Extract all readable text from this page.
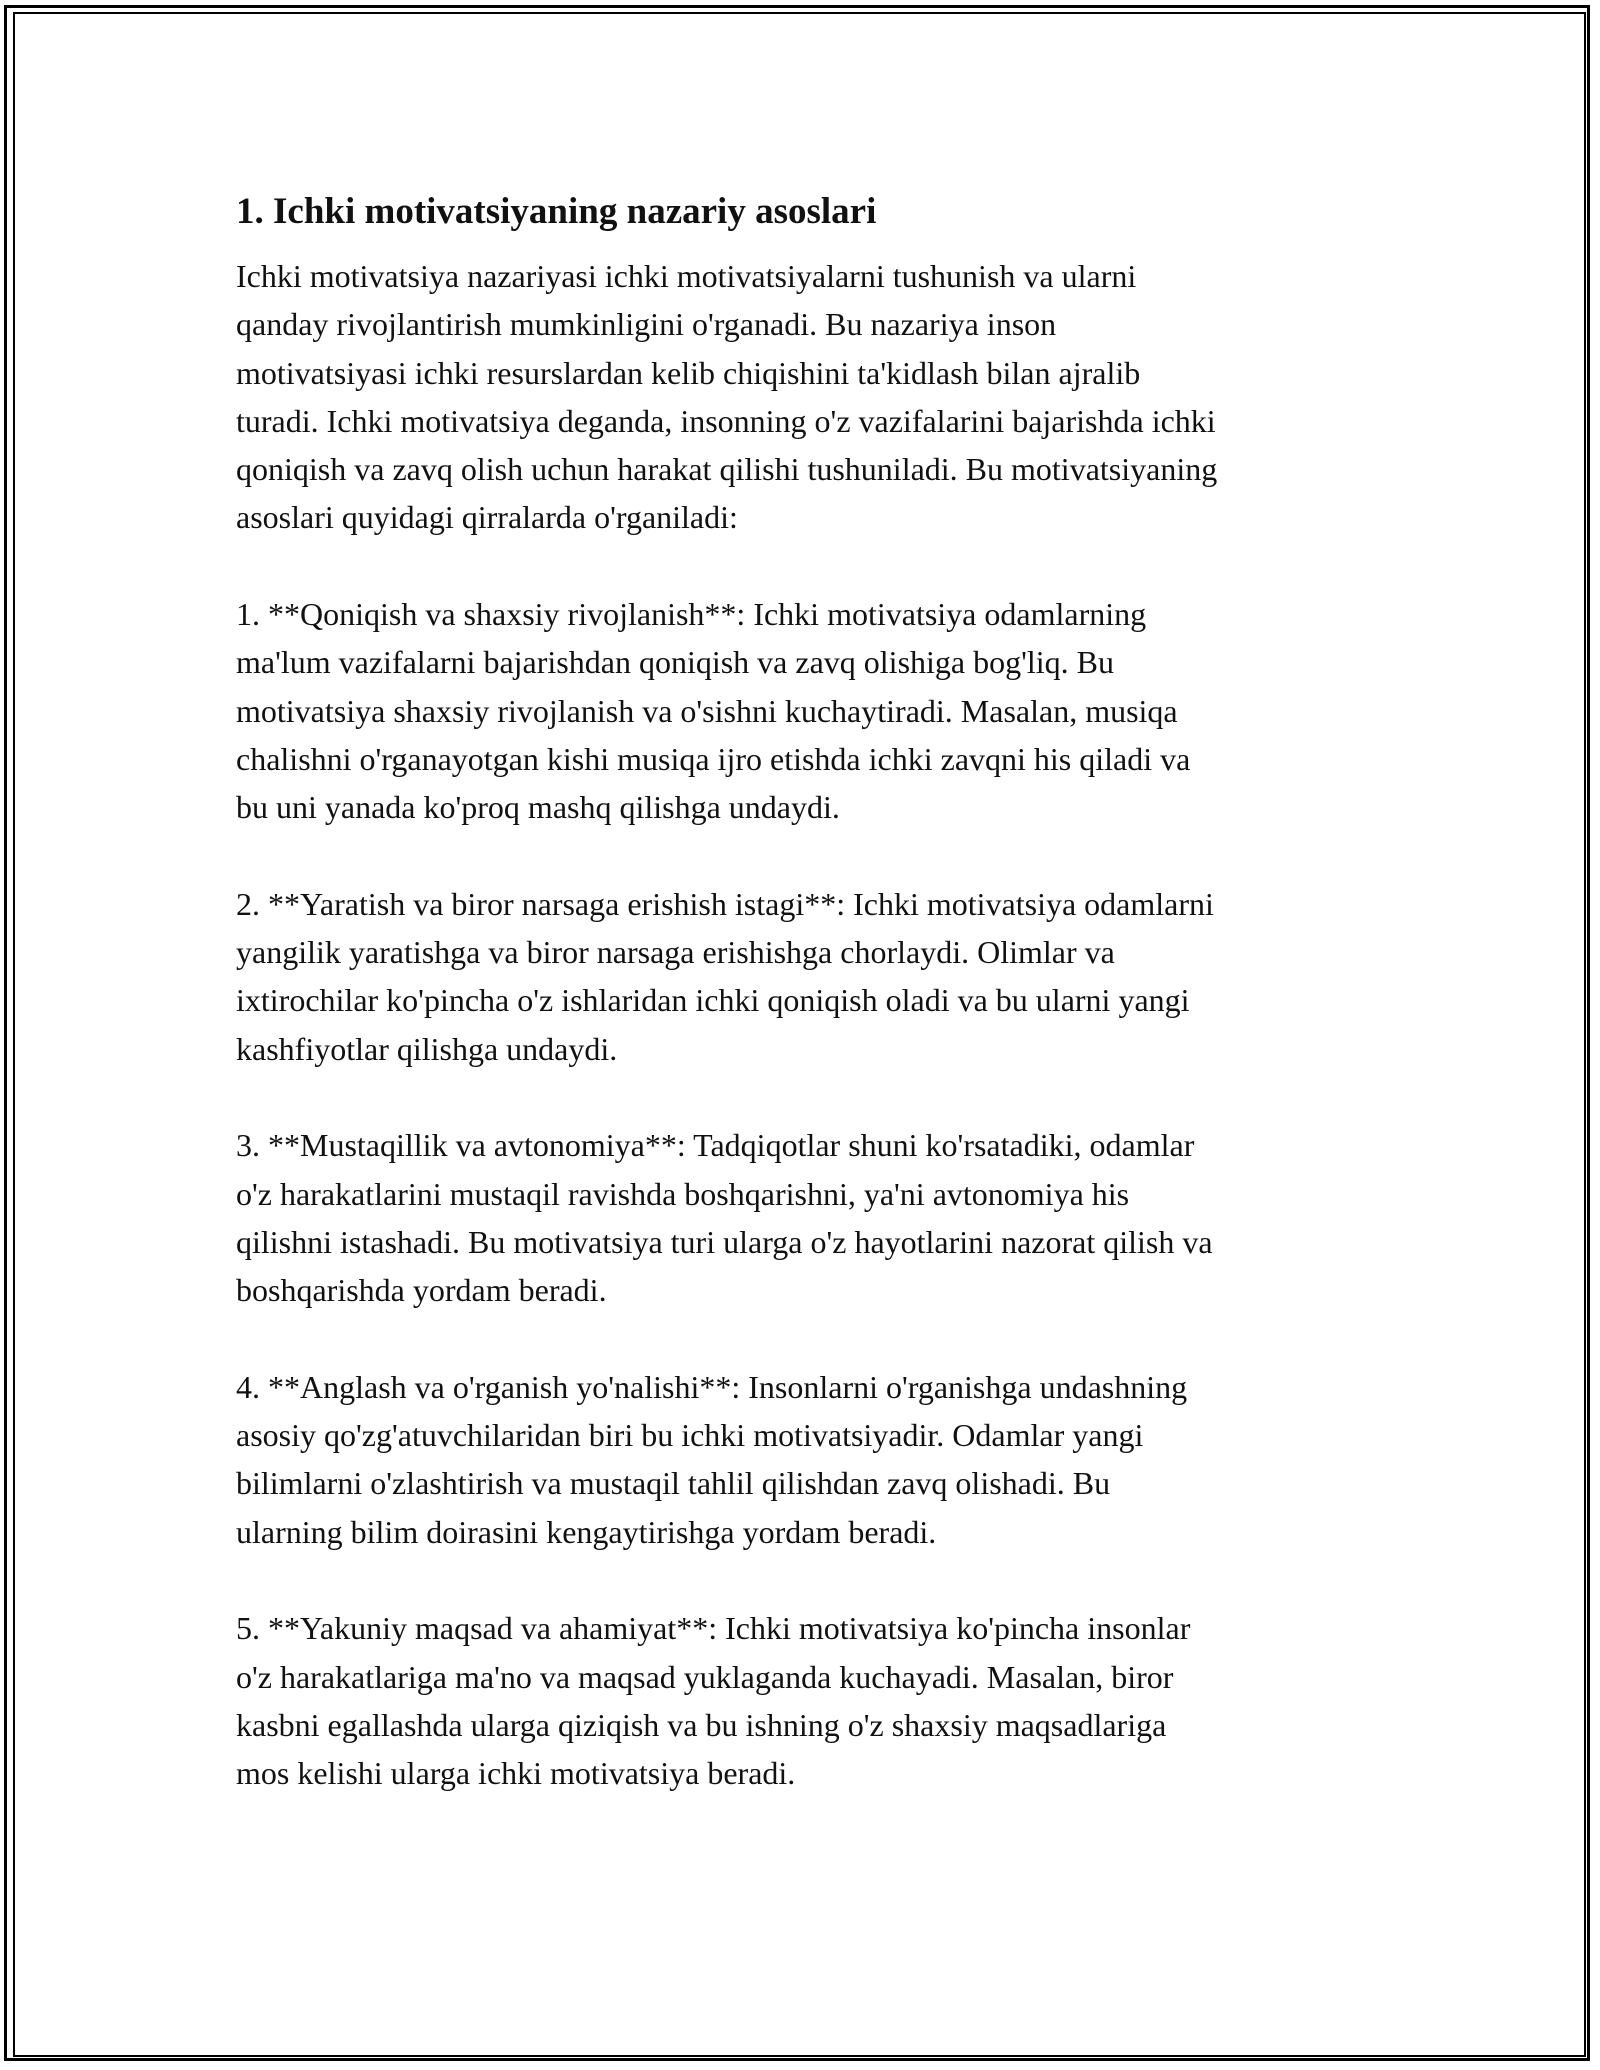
1. Ichki motivatsiyaning nazariy asoslari

Ichki motivatsiya nazariyasi ichki motivatsiyalarni tushunish va ularni
qanday rivojlantirish mumkinligini o'rganadi. Bu nazariya inson
motivatsiyasi ichki resurslardan kelib chiqishini ta'kidlash bilan ajralib
turadi. Ichki motivatsiya deganda, insonning o'z vazifalarini bajarishda ichki
qoniqish va zavq olish uchun harakat qilishi tushuniladi. Bu motivatsiyaning
asoslari quyidagi qirralarda o'rganiladi:

1. **Qoniqish va shaxsiy rivojlanish**: Ichki motivatsiya odamlarning
ma'lum vazifalarni bajarishdan qoniqish va zavq olishiga bog'liq. Bu
motivatsiya shaxsiy rivojlanish va o'sishni kuchaytiradi. Masalan, musiqa
chalishni o'rganayotgan kishi musiqa ijro etishda ichki zavqni his qiladi va
bu uni yanada ko'proq mashq qilishga undaydi.

2. **Yaratish va biror narsaga erishish istagi**: Ichki motivatsiya odamlarni
yangilik yaratishga va biror narsaga erishishga chorlaydi. Olimlar va
ixtirochilar ko'pincha o'z ishlaridan ichki qoniqish oladi va bu ularni yangi
kashfiyotlar qilishga undaydi.

3. **Mustaqillik va avtonomiya**: Tadqiqotlar shuni ko'rsatadiki, odamlar
o'z harakatlarini mustaqil ravishda boshqarishni, ya'ni avtonomiya his
qilishni istashadi. Bu motivatsiya turi ularga o'z hayotlarini nazorat qilish va
boshqarishda yordam beradi.

4. **Anglash va o'rganish yo'nalishi**: Insonlarni o'rganishga undashning
asosiy qo'zg'atuvchilaridan biri bu ichki motivatsiyadir. Odamlar yangi
bilimlarni o'zlashtirish va mustaqil tahlil qilishdan zavq olishadi. Bu
ularning bilim doirasini kengaytirishga yordam beradi.

5. **Yakuniy maqsad va ahamiyat**: Ichki motivatsiya ko'pincha insonlar
o'z harakatlariga ma'no va maqsad yuklaganda kuchayadi. Masalan, biror
kasbni egallashda ularga qiziqish va bu ishning o'z shaxsiy maqsadlariga
mos kelishi ularga ichki motivatsiya beradi.
